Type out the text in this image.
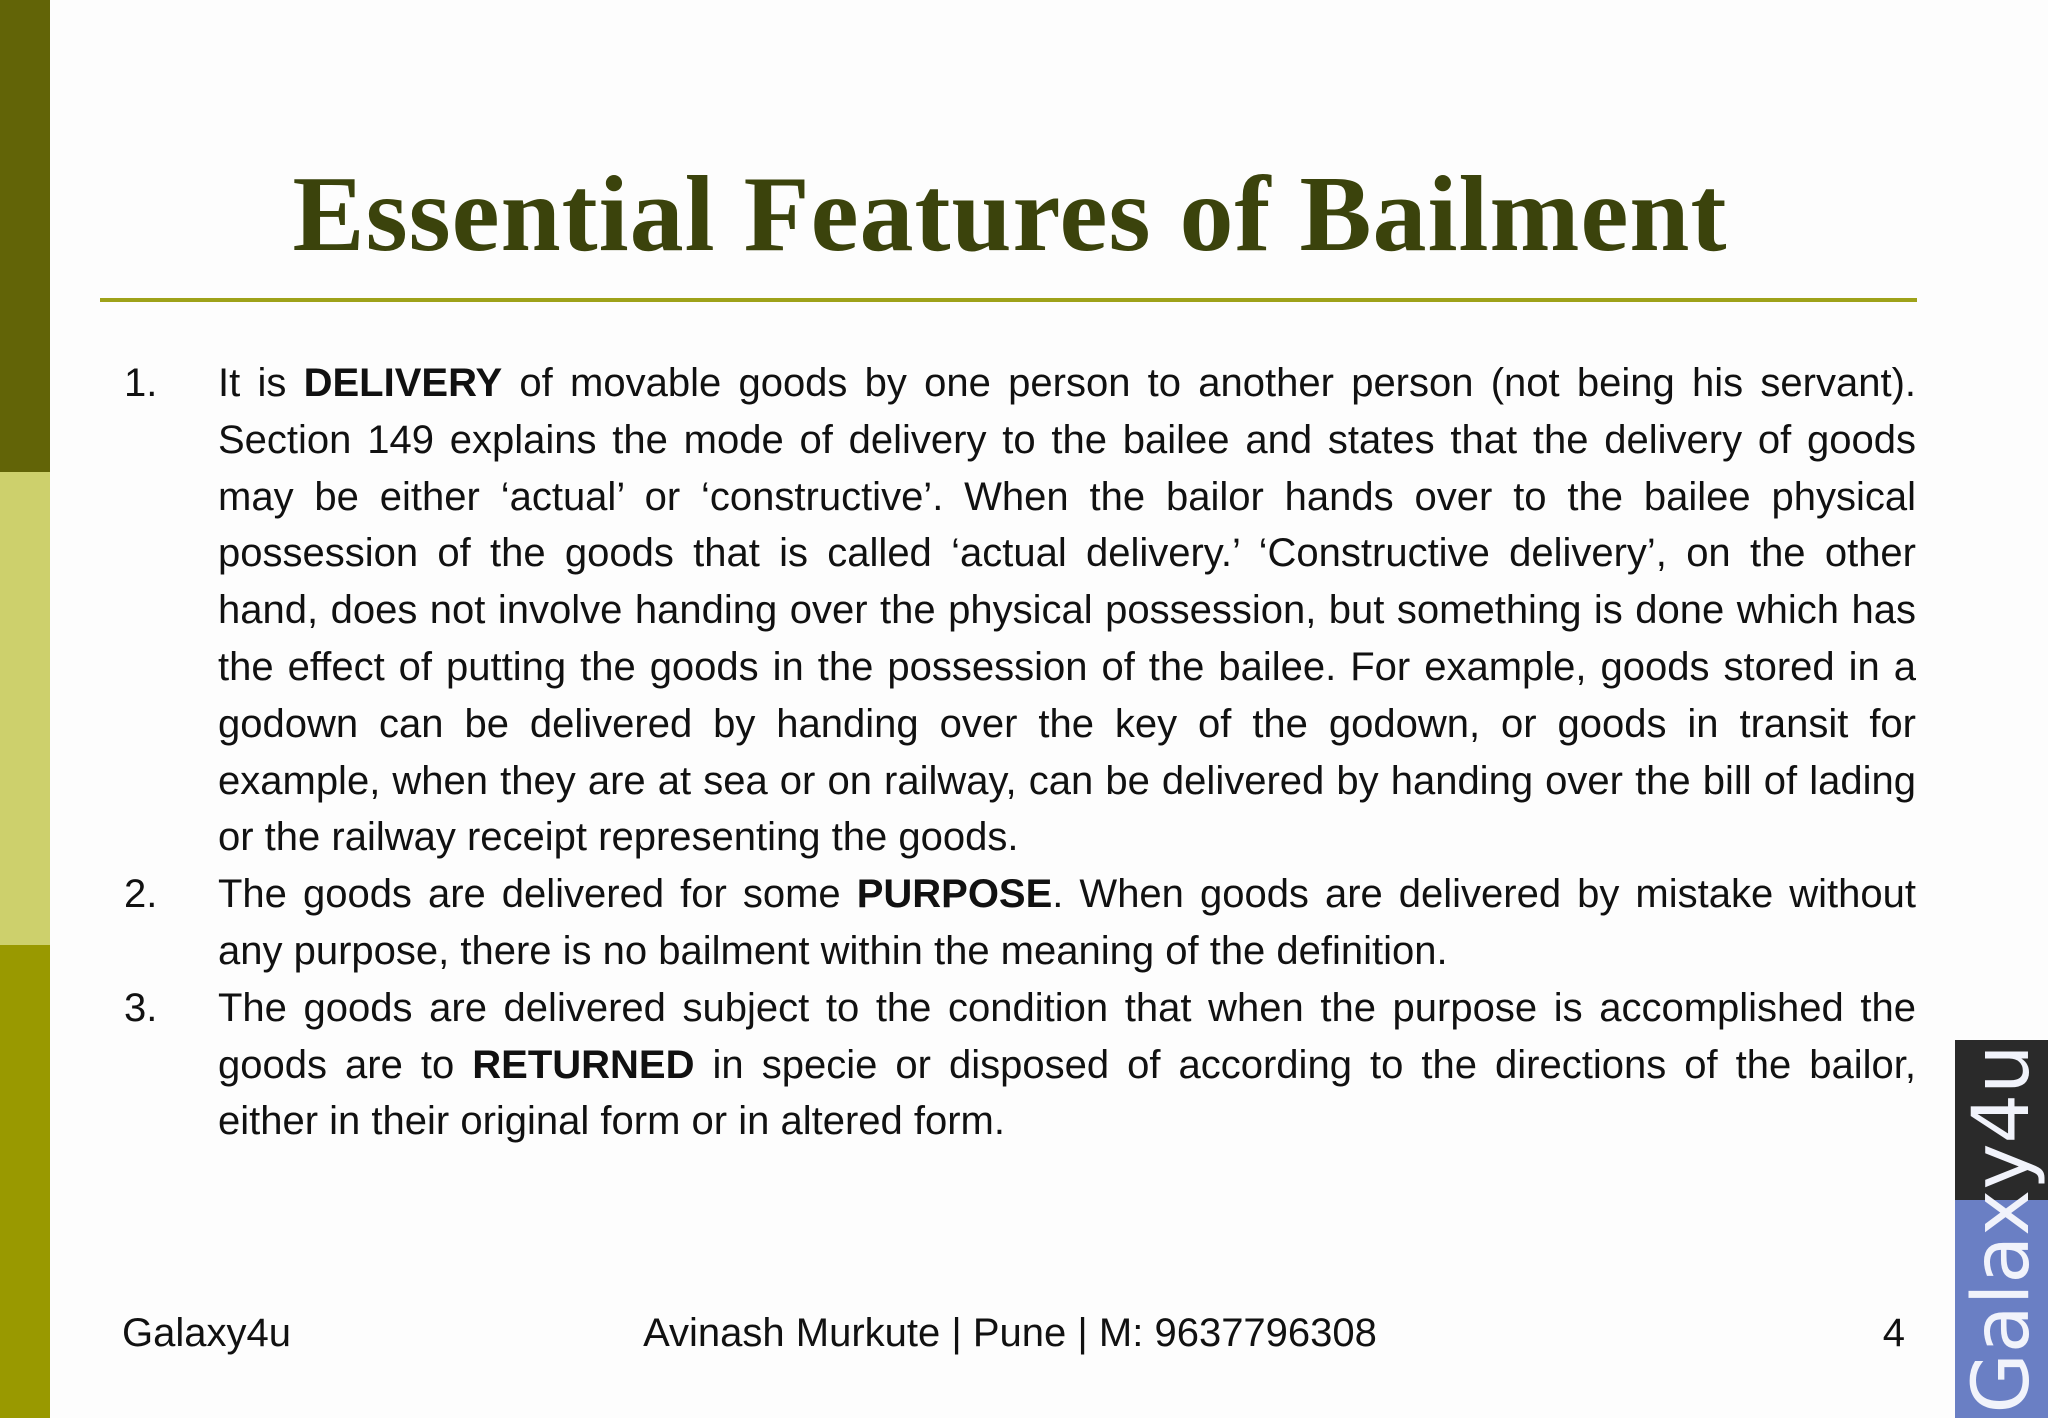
Essential Features of Bailment
1. It is DELIVERY of movable goods by one person to another person (not being his servant). Section 149 explains the mode of delivery to the bailee and states that the delivery of goods may be either ‘actual’ or ‘constructive’. When the bailor hands over to the bailee physical possession of the goods that is called ‘actual delivery.’ ‘Constructive delivery’, on the other hand, does not involve handing over the physical possession, but something is done which has the effect of putting the goods in the possession of the bailee. For example, goods stored in a godown can be delivered by handing over the key of the godown, or goods in transit for example, when they are at sea or on railway, can be delivered by handing over the bill of lading or the railway receipt representing the goods.
2. The goods are delivered for some PURPOSE. When goods are delivered by mistake without any purpose, there is no bailment within the meaning of the definition.
3. The goods are delivered subject to the condition that when the purpose is accomplished the goods are to RETURNED in specie or disposed of according to the directions of the bailor, either in their original form or in altered form.
Avinash Murkute | Pune | M: 9637796308
Galaxy4u	4 Galaxy4u
